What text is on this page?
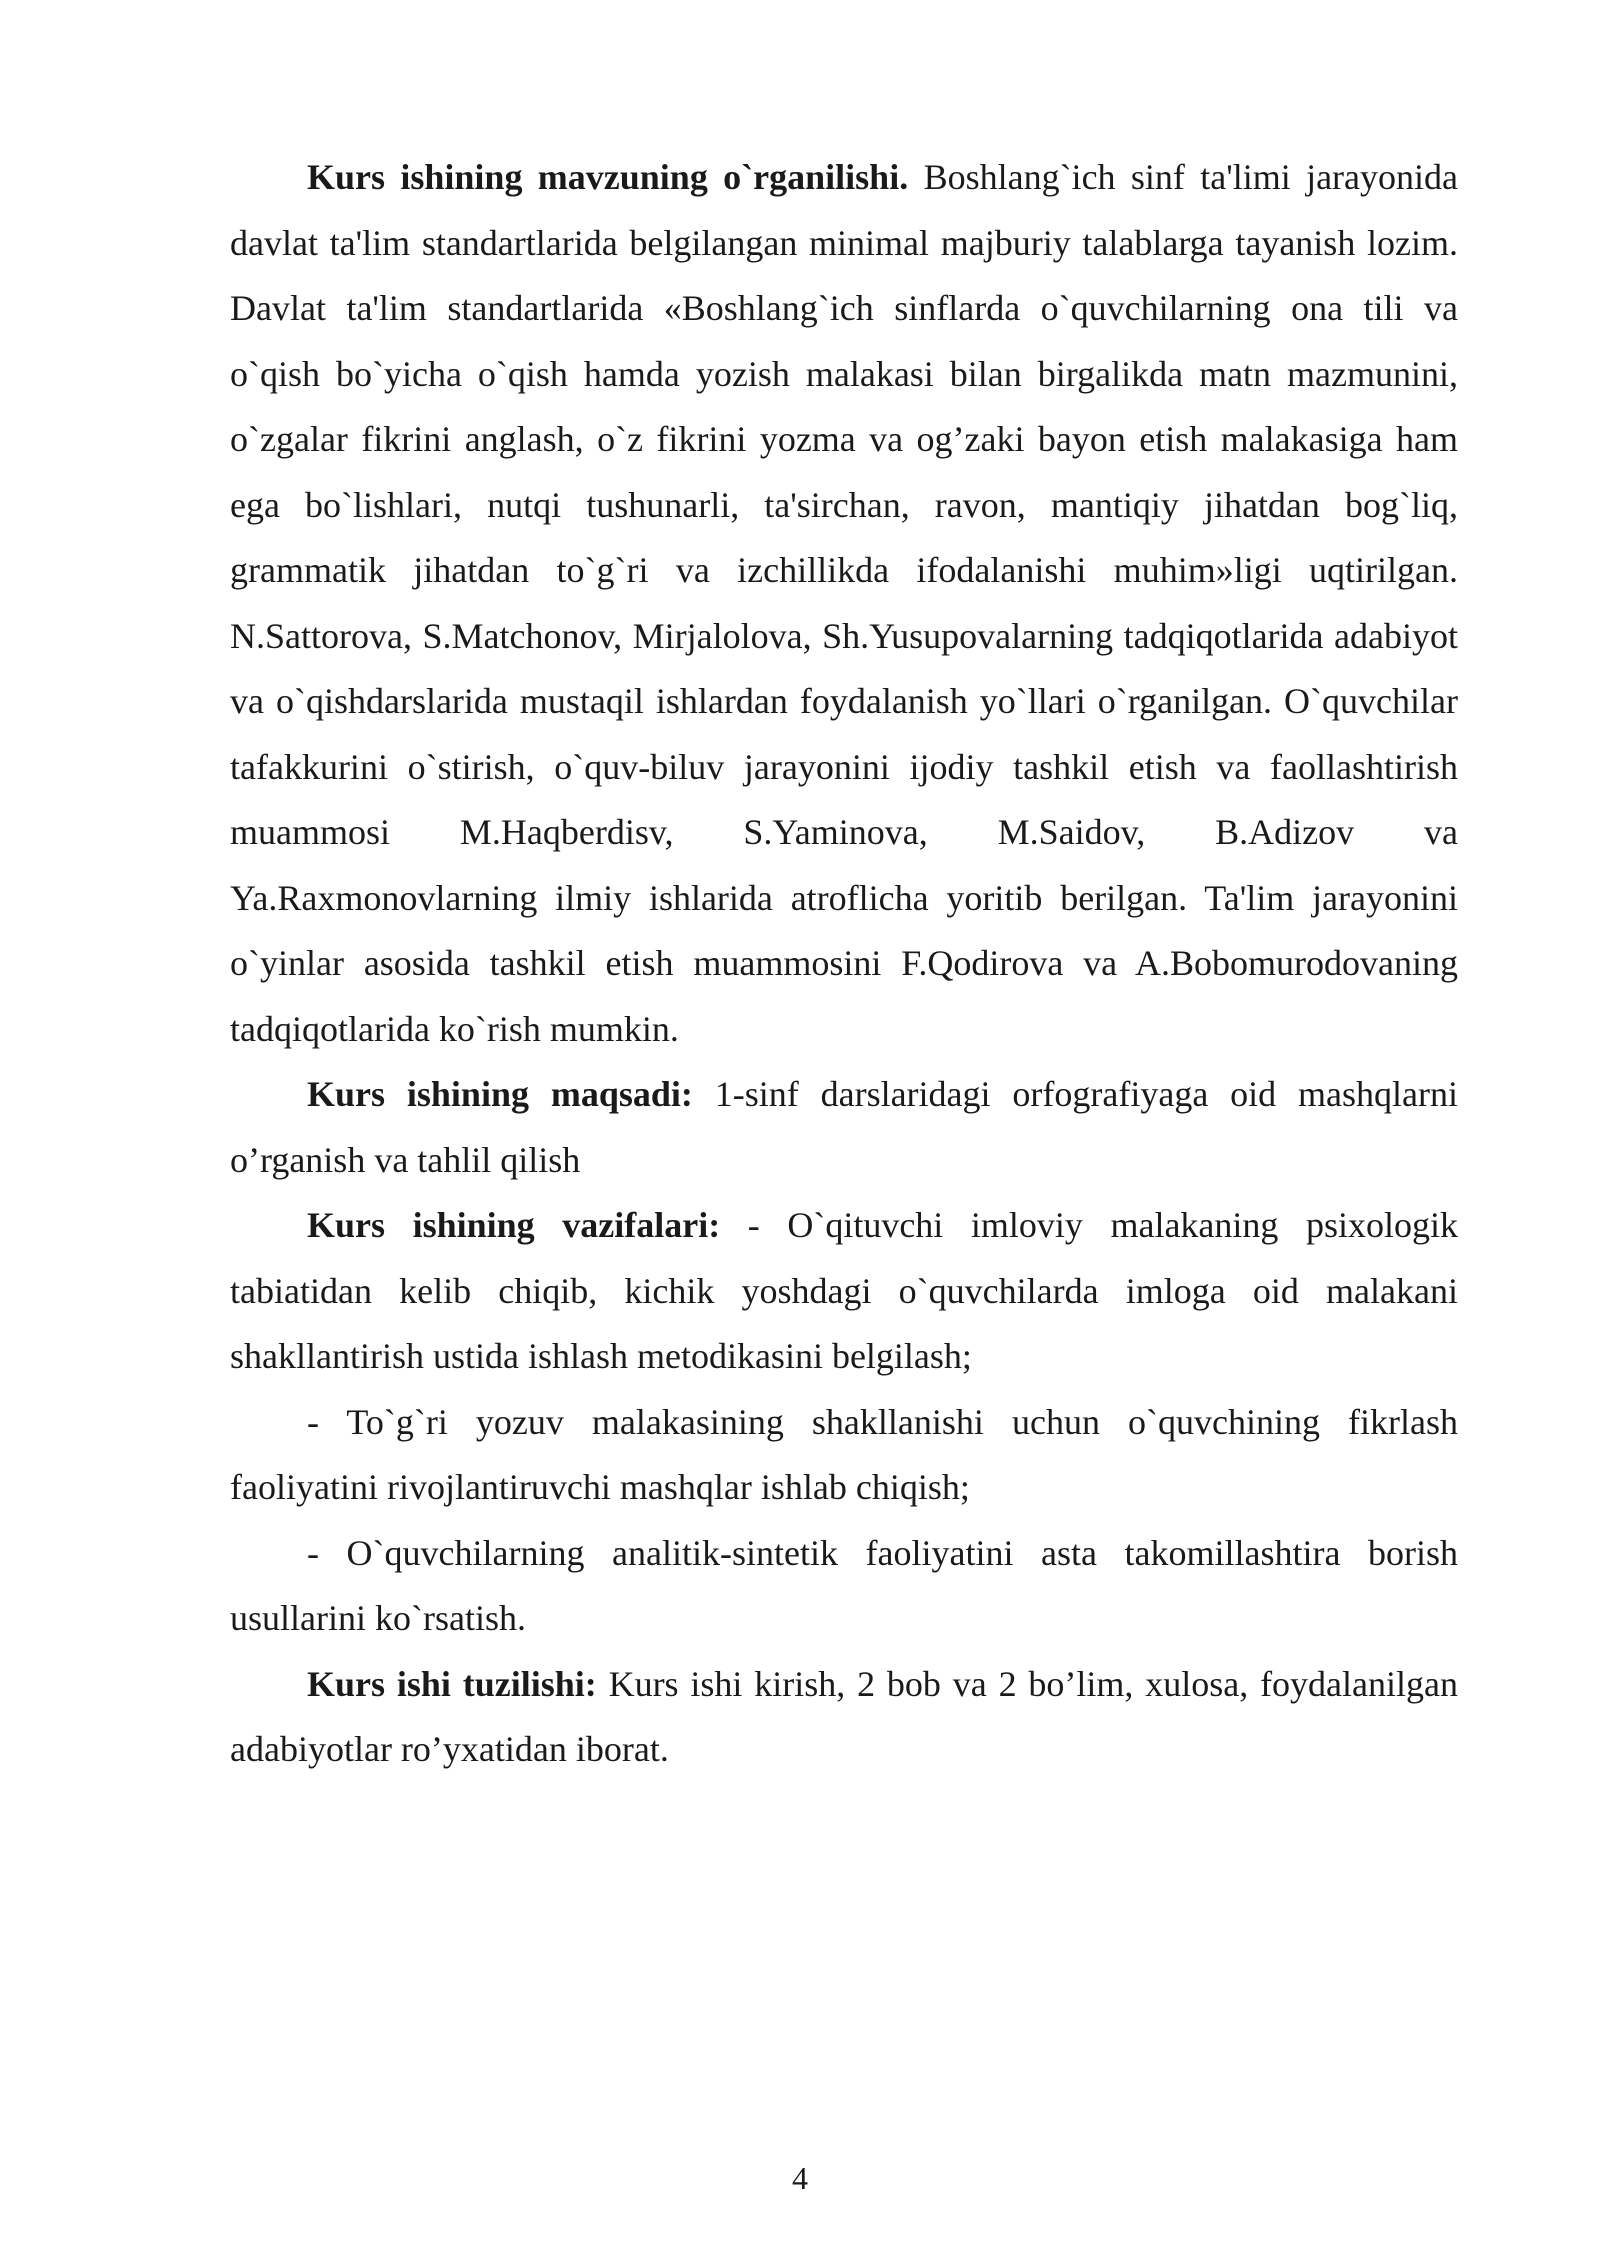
Kurs ishining mavzuning o`rganilishi. Boshlang`ich sinf ta'limi jarayonida davlat ta'lim standartlarida belgilangan minimal majburiy talablarga tayanish lozim. Davlat ta'lim standartlarida «Boshlang`ich sinflarda o`quvchilarning ona tili va o`qish bo`yicha o`qish hamda yozish malakasi bilan birgalikda matn mazmunini, o`zgalar fikrini anglash, o`z fikrini yozma va og’zaki bayon etish malakasiga ham ega bo`lishlari, nutqi tushunarli, ta'sirchan, ravon, mantiqiy jihatdan bog`liq, grammatik jihatdan to`g`ri va izchillikda ifodalanishi muhim»ligi uqtirilgan. N.Sattorova, S.Matchonov, Mirjalolova, Sh.Yusupovalarning tadqiqotlarida adabiyot va o`qishdarslarida mustaqil ishlardan foydalanish yo`llari o`rganilgan. O`quvchilar tafakkurini o`stirish, o`quv-biluv jarayonini ijodiy tashkil etish va faollashtirish muammosi M.Haqberdisv, S.Yaminova, M.Saidov, B.Adizov va Ya.Raxmonovlarning ilmiy ishlarida atroflicha yoritib berilgan. Ta'lim jarayonini o`yinlar asosida tashkil etish muammosini F.Qodirova va A.Bobomurodovaning tadqiqotlarida ko`rish mumkin.

Kurs ishining maqsadi: 1-sinf darslaridagi orfografiyaga oid mashqlarni o’rganish va tahlil qilish

Kurs ishining vazifalari: - O`qituvchi imloviy malakaning psixologik tabiatidan kelib chiqib, kichik yoshdagi o`quvchilarda imloga oid malakani shakllantirish ustida ishlash metodikasini belgilash;

- To`g`ri yozuv malakasining shakllanishi uchun o`quvchining fikrlash faoliyatini rivojlantiruvchi mashqlar ishlab chiqish;

- O`quvchilarning analitik-sintetik faoliyatini asta takomillashtira borish usullarini ko`rsatish.

Kurs ishi tuzilishi: Kurs ishi kirish, 2 bob va 2 bo’lim, xulosa, foydalanilgan adabiyotlar ro’yxatidan iborat.

4
